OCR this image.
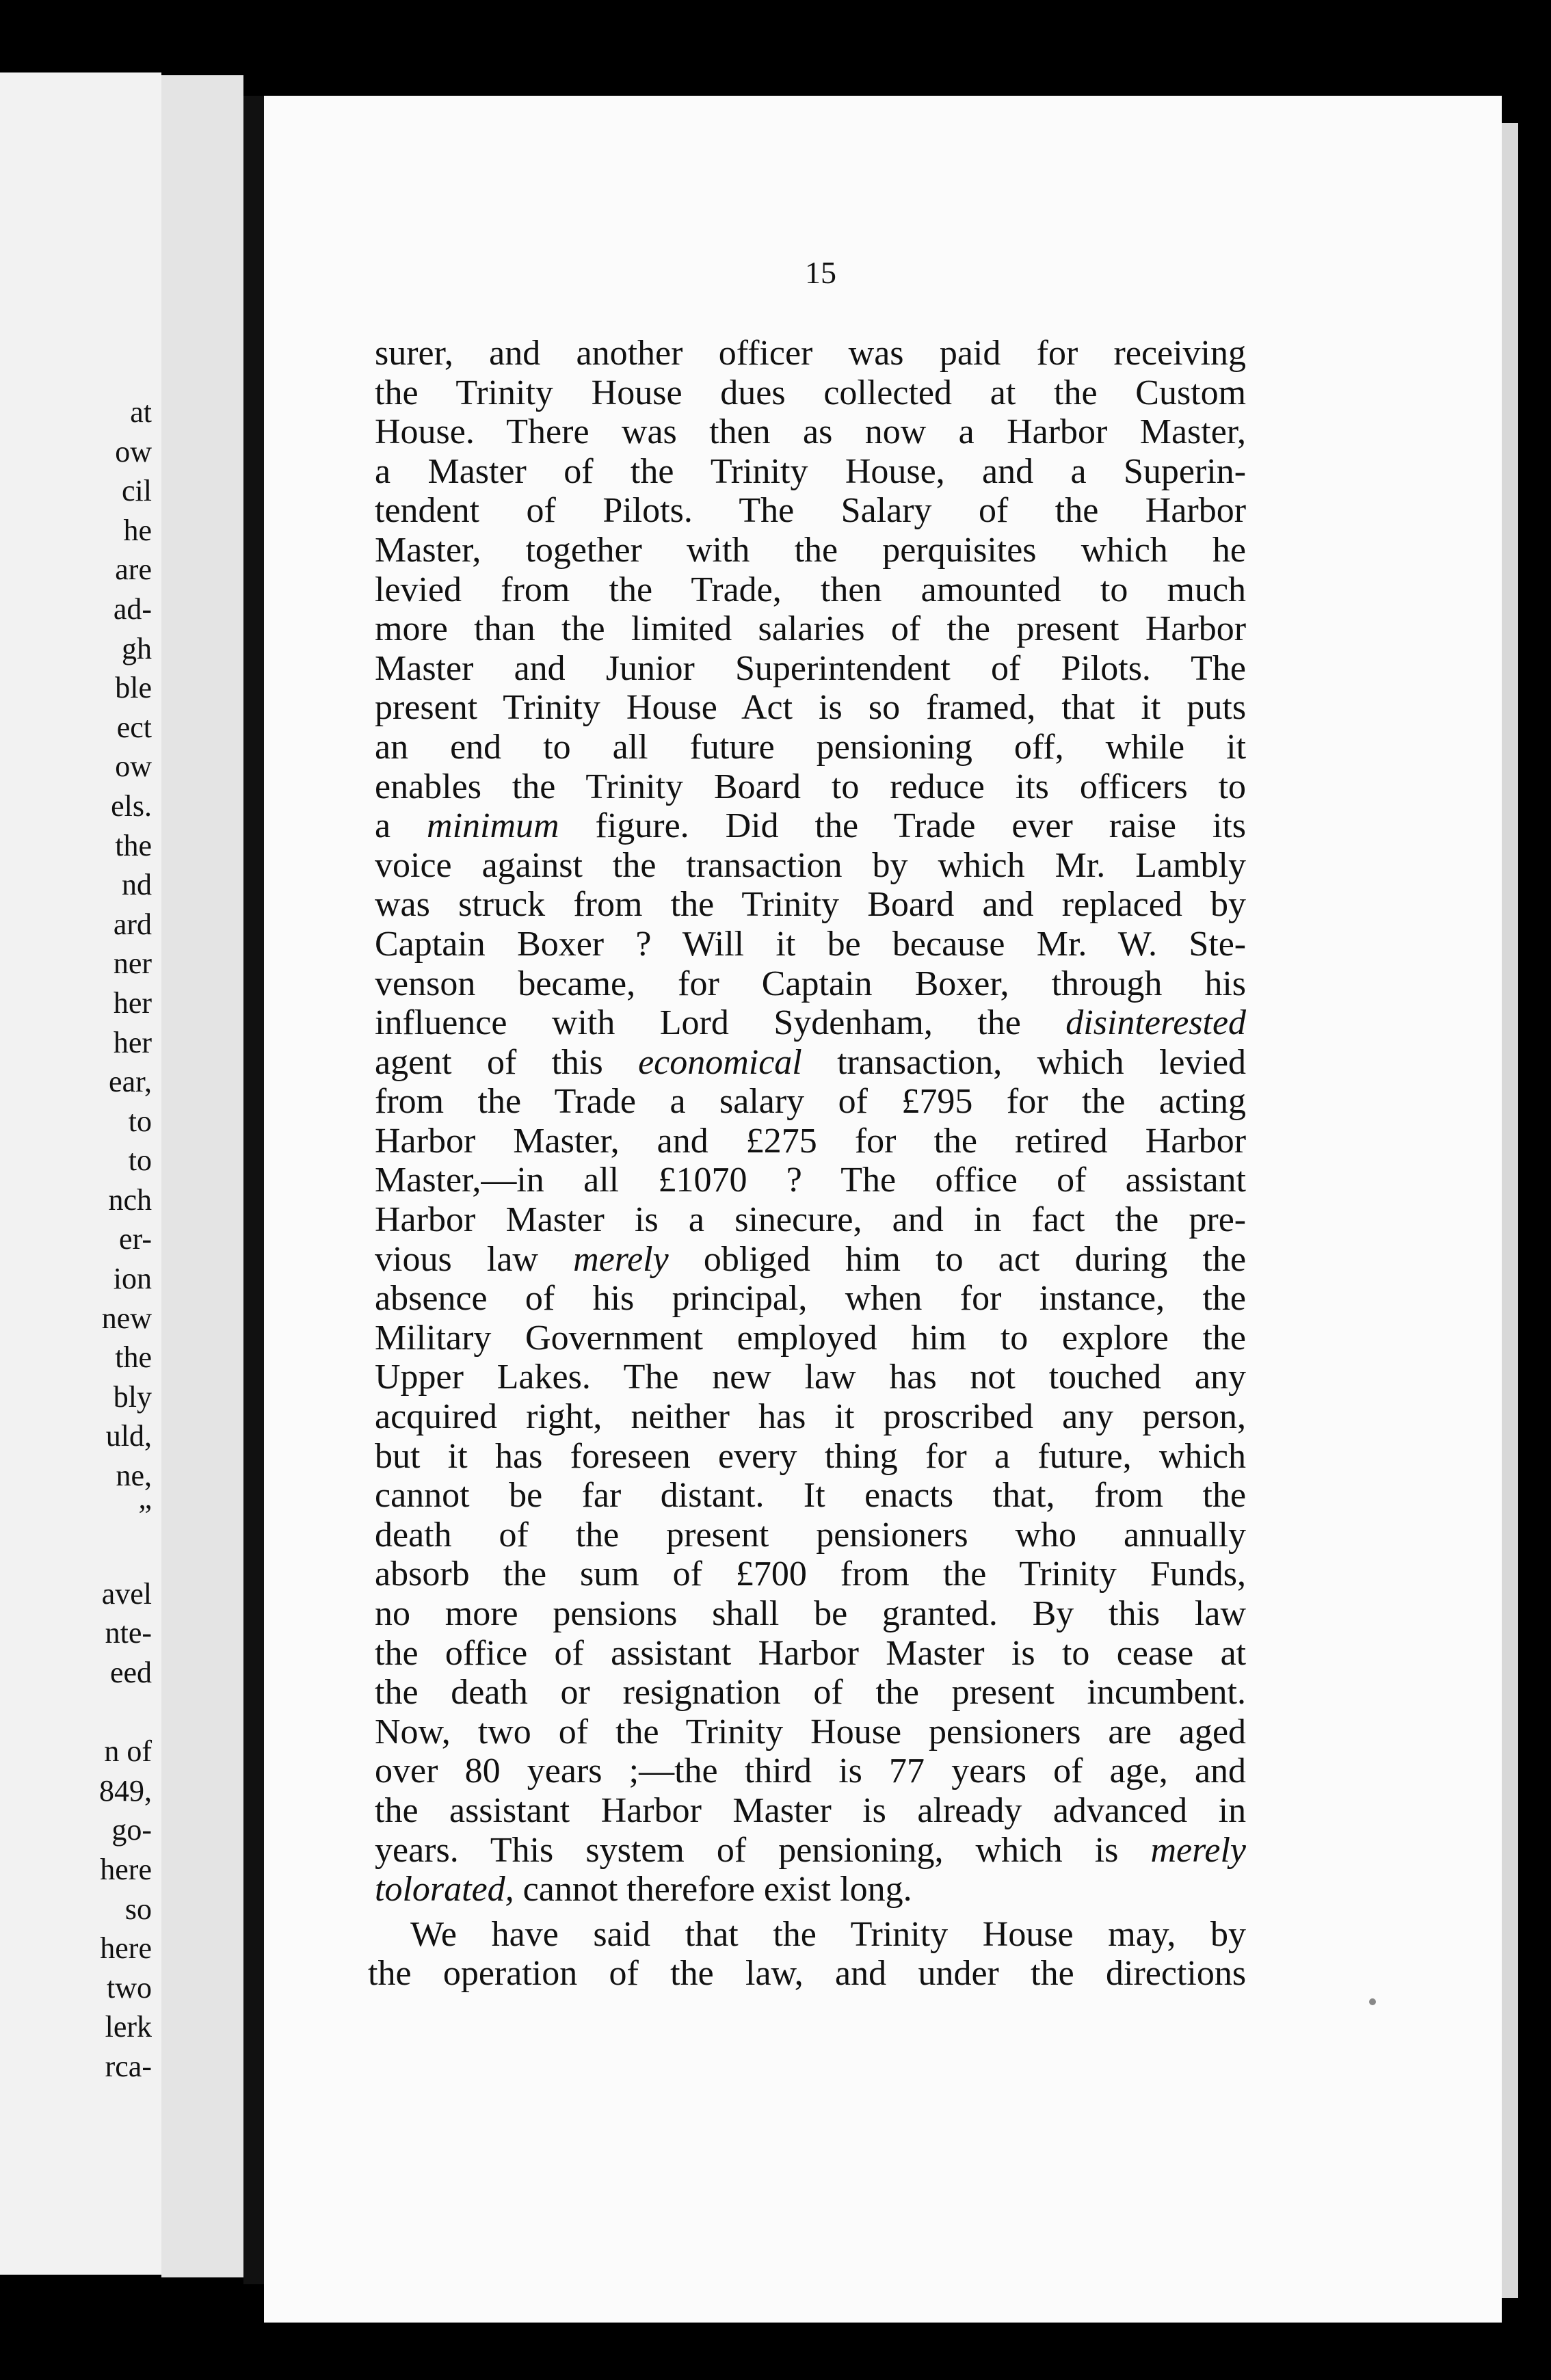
at
ow
cil
he
are
ad-
gh
ble
ect
ow
els.
the
nd
ard
ner
her
her
ear,
to
to
nch
er-
ion
new
the
bly
uld,
ne,
”

avel
nte-
eed

n of
849,
go-
here
so
here
two
lerk
rca-
15
surer, and another officer was paid for receiving
the Trinity House dues collected at the Custom
House. There was then as now a Harbor Master,
a Master of the Trinity House, and a Superin-
tendent of Pilots. The Salary of the Harbor
Master, together with the perquisites which he
levied from the Trade, then amounted to much
more than the limited salaries of the present Harbor
Master and Junior Superintendent of Pilots. The
present Trinity House Act is so framed, that it puts
an end to all future pensioning off, while it
enables the Trinity Board to reduce its officers to
a minimum figure. Did the Trade ever raise its
voice against the transaction by which Mr. Lambly
was struck from the Trinity Board and replaced by
Captain Boxer ? Will it be because Mr. W. Ste-
venson became, for Captain Boxer, through his
influence with Lord Sydenham, the disinterested
agent of this economical transaction, which levied
from the Trade a salary of £795 for the acting
Harbor Master, and £275 for the retired Harbor
Master,—in all £1070 ? The office of assistant
Harbor Master is a sinecure, and in fact the pre-
vious law merely obliged him to act during the
absence of his principal, when for instance, the
Military Government employed him to explore the
Upper Lakes. The new law has not touched any
acquired right, neither has it proscribed any person,
but it has foreseen every thing for a future, which
cannot be far distant. It enacts that, from the
death of the present pensioners who annually
absorb the sum of £700 from the Trinity Funds,
no more pensions shall be granted. By this law
the office of assistant Harbor Master is to cease at
the death or resignation of the present incumbent.
Now, two of the Trinity House pensioners are aged
over 80 years ;—the third is 77 years of age, and
the assistant Harbor Master is already advanced in
years. This system of pensioning, which is merely
tolorated, cannot therefore exist long.
We have said that the Trinity House may, by
the operation of the law, and under the directions
